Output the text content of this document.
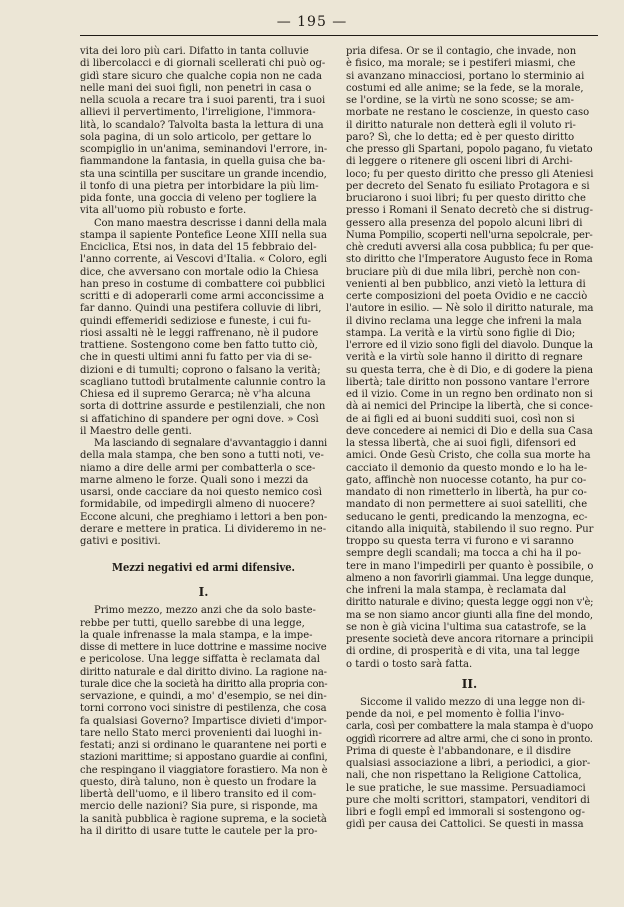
— 195 —
vita dei loro più cari. Difatto in tanta colluvie
di libercolacci e di giornali scellerati chi può og-
gidì stare sicuro che qualche copia non ne cada
nelle mani dei suoi figli, non penetri in casa o
nella scuola a recare tra i suoi parenti, tra i suoi
allievi il pervertimento, l'irreligione, l'immora-
lità, lo scandalo? Talvolta basta la lettura di una
sola pagina, di un solo articolo, per gettare lo
scompiglio in un'anima, seminandovi l'errore, in-
fiammandone la fantasia, in quella guisa che ba-
sta una scintilla per suscitare un grande incendio,
il tonfo di una pietra per intorbidare la più lim-
pida fonte, una goccia di veleno per togliere la
vita all'uomo più robusto e forte.
Con mano maestra descrisse i danni della mala
stampa il sapiente Pontefice Leone XIII nella sua
Enciclica, Etsi nos, in data del 15 febbraio del-
l'anno corrente, ai Vescovi d'Italia. « Coloro, egli
dice, che avversano con mortale odio la Chiesa
han preso in costume di combattere coi pubblici
scritti e di adoperarli come armi acconcissime a
far danno. Quindi una pestifera colluvie di libri,
quindi effemeridi sediziose e funeste, i cui fu-
riosi assalti nè le leggi raffrenano, nè il pudore
trattiene. Sostengono come ben fatto tutto ciò,
che in questi ultimi anni fu fatto per via di se-
dizioni e di tumulti; coprono o falsano la verità;
scagliano tuttodì brutalmente calunnie contro la
Chiesa ed il supremo Gerarca; nè v'ha alcuna
sorta di dottrine assurde e pestilenziali, che non
si affatichino di spandere per ogni dove. » Così
il Maestro delle genti.
Ma lasciando di segnalare d'avvantaggio i danni
della mala stampa, che ben sono a tutti noti, ve-
niamo a dire delle armi per combatterla o sce-
marne almeno le forze. Quali sono i mezzi da
usarsi, onde cacciare da noi questo nemico così
formidabile, od impedirgli almeno di nuocere?
Eccone alcuni, che preghiamo i lettori a ben pon-
derare e mettere in pratica. Li divideremo in ne-
gativi e positivi.
Mezzi negativi ed armi difensive.
I.
Primo mezzo, mezzo anzi che da solo baste-
rebbe per tutti, quello sarebbe di una legge,
la quale infrenasse la mala stampa, e la impe-
disse di mettere in luce dottrine e massime nocive
e pericolose. Una legge siffatta è reclamata dal
diritto naturale e dal diritto divino. La ragione na-
turale dice che la società ha diritto alla propria con-
servazione, e quindi, a mo' d'esempio, se nei din-
torni corrono voci sinistre di pestilenza, che cosa
fa qualsiasi Governo? Impartisce divieti d'impor-
tare nello Stato merci provenienti dai luoghi in-
festati; anzi si ordinano le quarantene nei porti e
stazioni marittime; si appostano guardie ai confini,
che respingano il viaggiatore forastiero. Ma non è
questo, dirà taluno, non è questo un frodare la
libertà dell'uomo, e il libero transito ed il com-
mercio delle nazioni? Sia pure, si risponde, ma
la sanità pubblica è ragione suprema, e la società
ha il diritto di usare tutte le cautele per la pro-
pria difesa. Or se il contagio, che invade, non
è fisico, ma morale; se i pestiferi miasmi, che
si avanzano minacciosi, portano lo sterminio ai
costumi ed alle anime; se la fede, se la morale,
se l'ordine, se la virtù ne sono scosse; se am-
morbate ne restano le coscienze, in questo caso
il diritto naturale non detterà egli il voluto ri-
paro? Sì, che lo detta; ed è per questo diritto
che presso gli Spartani, popolo pagano, fu vietato
di leggere o ritenere gli osceni libri di Archi-
loco; fu per questo diritto che presso gli Ateniesi
per decreto del Senato fu esiliato Protagora e si
bruciarono i suoi libri; fu per questo diritto che
presso i Romani il Senato decretò che si distrug-
gessero alla presenza del popolo alcuni libri di
Numa Pompilio, scoperti nell'urna sepolcrale, per-
chè creduti avversi alla cosa pubblica; fu per que-
sto diritto che l'Imperatore Augusto fece in Roma
bruciare più di due mila libri, perchè non con-
venienti al ben pubblico, anzi vietò la lettura di
certe composizioni del poeta Ovidio e ne cacciò
l'autore in esilio. — Nè solo il diritto naturale, ma
il divino reclama una legge che infreni la mala
stampa. La verità e la virtù sono figlie di Dio;
l'errore ed il vizio sono figli del diavolo. Dunque la
verità e la virtù sole hanno il diritto di regnare
su questa terra, che è di Dio, e di godere la piena
libertà; tale diritto non possono vantare l'errore
ed il vizio. Come in un regno ben ordinato non si
dà ai nemici del Principe la libertà, che si conce-
de ai figli ed ai buoni sudditi suoi, così non si
deve concedere ai nemici di Dio e della sua Casa
la stessa libertà, che ai suoi figli, difensori ed
amici. Onde Gesù Cristo, che colla sua morte ha
cacciato il demonio da questo mondo e lo ha le-
gato, affinchè non nuocesse cotanto, ha pur co-
mandato di non rimetterlo in libertà, ha pur co-
mandato di non permettere ai suoi satelliti, che
seducano le genti, predicando la menzogna, ec-
citando alla iniquità, stabilendo il suo regno. Pur
troppo su questa terra vi furono e vi saranno
sempre degli scandali; ma tocca a chi ha il po-
tere in mano l'impedirli per quanto è possibile, o
almeno a non favorirli giammai. Una legge dunque,
che infreni la mala stampa, è reclamata dal
diritto naturale e divino; questa legge oggi non v'è;
ma se non siamo ancor giunti alla fine del mondo,
se non è già vicina l'ultima sua catastrofe, se la
presente società deve ancora ritornare a principii
di ordine, di prosperità e di vita, una tal legge
o tardi o tosto sarà fatta.
II.
Siccome il valido mezzo di una legge non di-
pende da noi, e pel momento è follia l'invo-
carla, così per combattere la mala stampa è d'uopo
oggidì ricorrere ad altre armi, che ci sono in pronto.
Prima di queste è l'abbandonare, e il disdire
qualsiasi associazione a libri, a periodici, a gior-
nali, che non rispettano la Religione Cattolica,
le sue pratiche, le sue massime. Persuadiamoci
pure che molti scrittori, stampatori, venditori di
libri e fogli empî ed immorali si sostengono og-
gidì per causa dei Cattolici. Se questi in massa
